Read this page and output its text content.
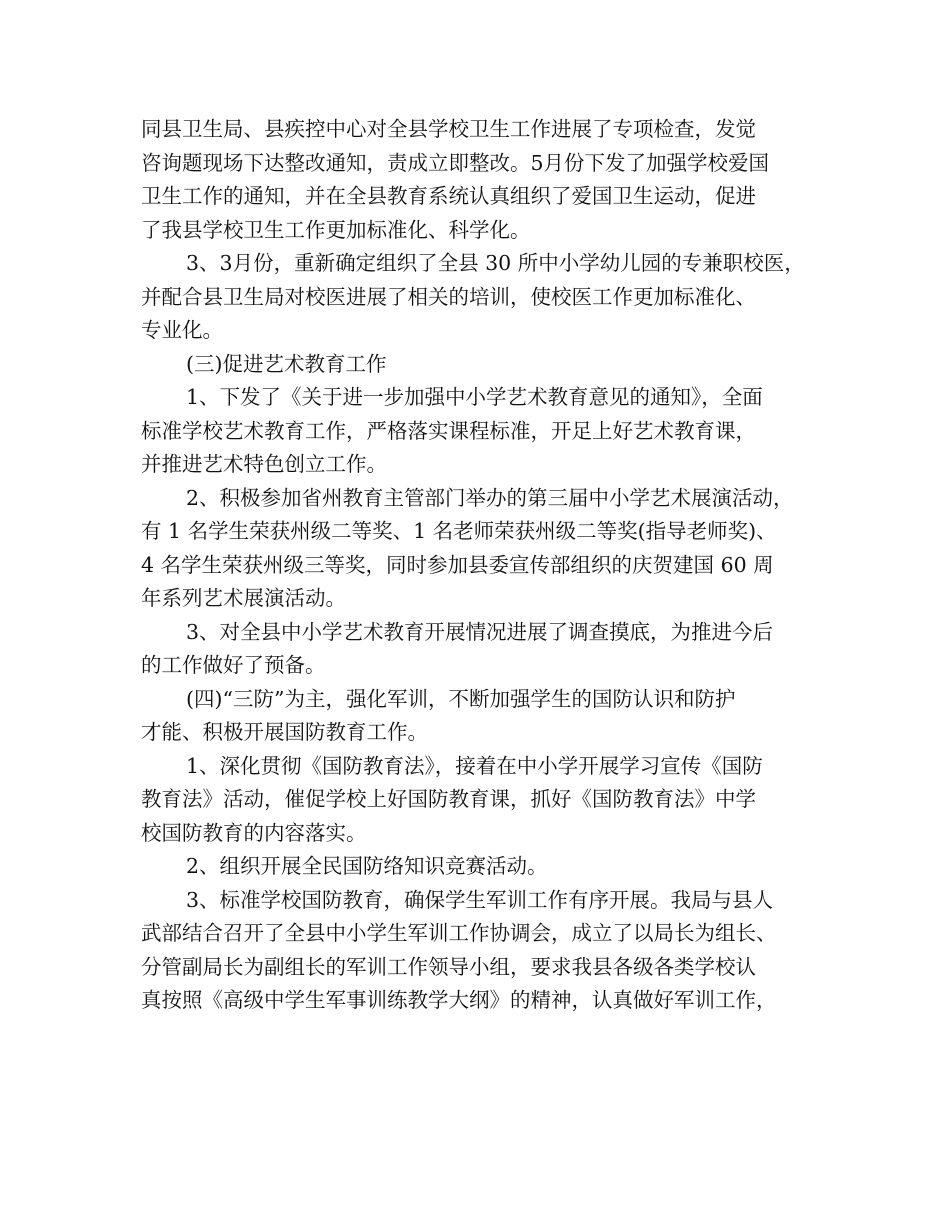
同县卫生局、县疾控中心对全县学校卫生工作进展了专项检查，发觉
咨询题现场下达整改通知，责成立即整改。5月份下发了加强学校爱国
卫生工作的通知，并在全县教育系统认真组织了爱国卫生运动，促进
了我县学校卫生工作更加标准化、科学化。
3、3月份，重新确定组织了全县 30 所中小学幼儿园的专兼职校医，
并配合县卫生局对校医进展了相关的培训，使校医工作更加标准化、
专业化。
(三)促进艺术教育工作
1、下发了《关于进一步加强中小学艺术教育意见的通知》，全面
标准学校艺术教育工作，严格落实课程标准，开足上好艺术教育课，
并推进艺术特色创立工作。
2、积极参加省州教育主管部门举办的第三届中小学艺术展演活动，
有 1 名学生荣获州级二等奖、1 名老师荣获州级二等奖(指导老师奖)、
4 名学生荣获州级三等奖，同时参加县委宣传部组织的庆贺建国 60 周
年系列艺术展演活动。
3、对全县中小学艺术教育开展情况进展了调查摸底，为推进今后
的工作做好了预备。
(四)“三防”为主，强化军训，不断加强学生的国防认识和防护
才能、积极开展国防教育工作。
1、深化贯彻《国防教育法》，接着在中小学开展学习宣传《国防
教育法》活动，催促学校上好国防教育课，抓好《国防教育法》中学
校国防教育的内容落实。
2、组织开展全民国防络知识竞赛活动。
3、标准学校国防教育，确保学生军训工作有序开展。我局与县人
武部结合召开了全县中小学生军训工作协调会，成立了以局长为组长、
分管副局长为副组长的军训工作领导小组，要求我县各级各类学校认
真按照《高级中学生军事训练教学大纲》的精神，认真做好军训工作，
